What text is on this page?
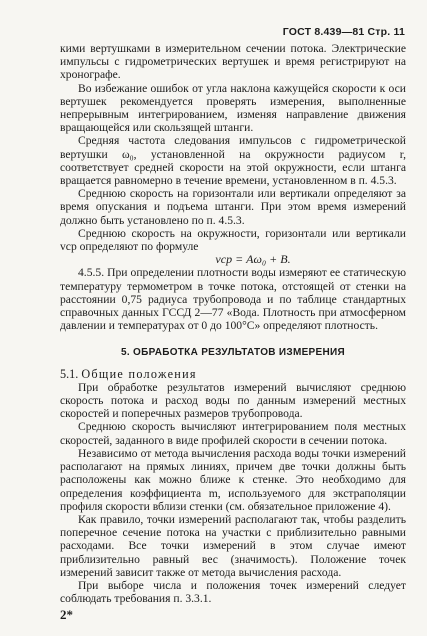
ГОСТ 8.439—81 Стр. 11

кими вертушками в измерительном сечении потока. Электрические импульсы с гидрометрических вертушек и время регистрируют на хронографе.

Во избежание ошибок от угла наклона кажущейся скорости к оси вертушек рекомендуется проверять измерения, выполненные непрерывным интегрированием, изменяя направление движения вращающейся или скользящей штанги.

Средняя частота следования импульсов с гидрометрической вертушки ω₀, установленной на окружности радиусом r, соответствует средней скорости на этой окружности, если штанга вращается равномерно в течение времени, установленном в п. 4.5.3.

Среднюю скорость на горизонтали или вертикали определяют за время опускания и подъема штанги. При этом время измерений должно быть установлено по п. 4.5.3.

Среднюю скорость на окружности, горизонтали или вертикали vср определяют по формуле

vср = Aω₀ + B.

4.5.5. При определении плотности воды измеряют ее статическую температуру термометром в точке потока, отстоящей от стенки на расстоянии 0,75 радиуса трубопровода и по таблице стандартных справочных данных ГССД 2—77 «Вода. Плотность при атмосферном давлении и температурах от 0 до 100°С» определяют плотность.

5. ОБРАБОТКА РЕЗУЛЬТАТОВ ИЗМЕРЕНИЯ

5.1. Общие положения

При обработке результатов измерений вычисляют среднюю скорость потока и расход воды по данным измерений местных скоростей и поперечных размеров трубопровода.

Среднюю скорость вычисляют интегрированием поля местных скоростей, заданного в виде профилей скорости в сечении потока.

Независимо от метода вычисления расхода воды точки измерений располагают на прямых линиях, причем две точки должны быть расположены как можно ближе к стенке. Это необходимо для определения коэффициента m, используемого для экстраполяции профиля скорости вблизи стенки (см. обязательное приложение 4).

Как правило, точки измерений располагают так, чтобы разделить поперечное сечение потока на участки с приблизительно равными расходами. Все точки измерений в этом случае имеют приблизительно равный вес (значимость). Положение точек измерений зависит также от метода вычисления расхода.

При выборе числа и положения точек измерений следует соблюдать требования п. 3.3.1.

2*
